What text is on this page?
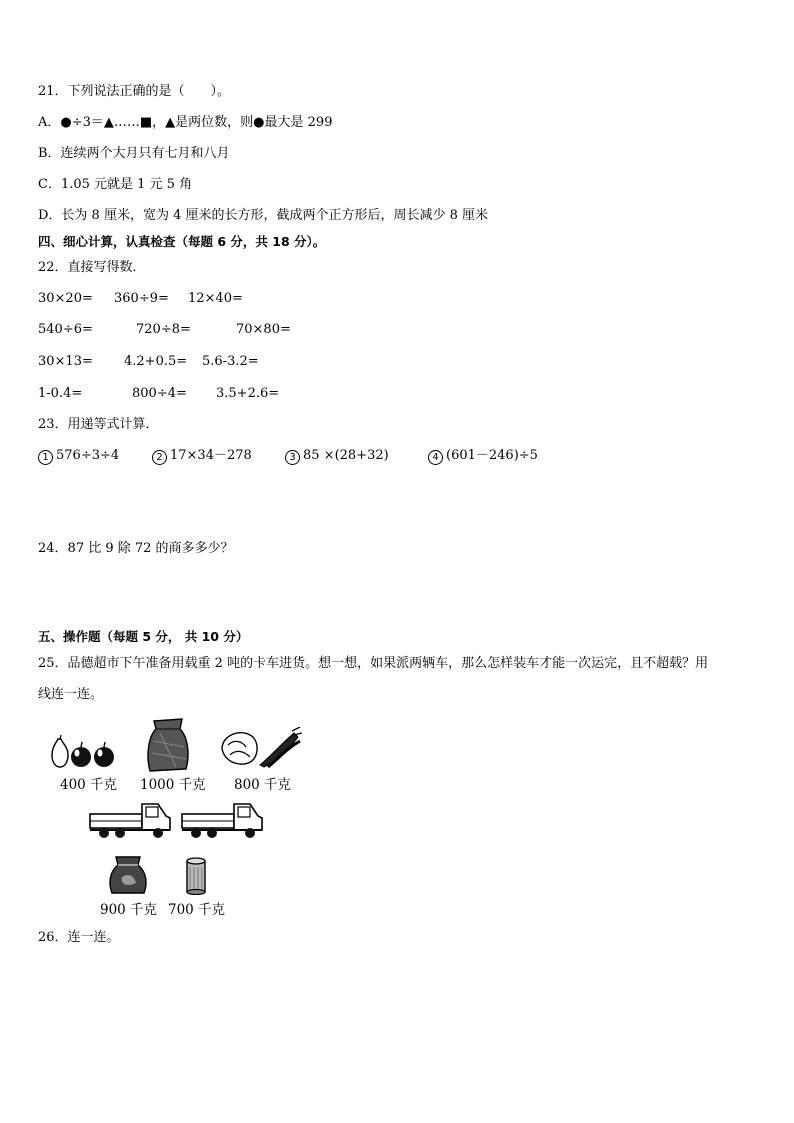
21．下列说法正确的是（　　）。
A．●÷3＝▲……■，▲是两位数，则●最大是 299
B．连续两个大月只有七月和八月
C．1.05 元就是 1 元 5 角
D．长为 8 厘米，宽为 4 厘米的长方形，截成两个正方形后，周长减少 8 厘米
四、细心计算，认真检查（每题 6 分，共 18 分）。
22．直接写得数．
30×20= 360÷9= 12×40=
540÷6=	720÷8=	70×80=
30×13= 4.2+0.5= 5.6-3.2=
1-0.4=	800÷4= 3.5+2.6=
23．用递等式计算．
1 576÷3÷4	2 17×34－278	3 85 ×(28+32)	4 (601－246)÷5
24．87 比 9 除 72 的商多多少？
五、操作题（每题 5 分， 共 10 分）
25．品德超市下午准备用载重 2 吨的卡车进货。想一想，如果派两辆车，那么怎样装车才能一次运完，且不超载？用
线连一连。
400 千克 1000 千克 800 千克
900 千克 700 千克
26．连一连。
